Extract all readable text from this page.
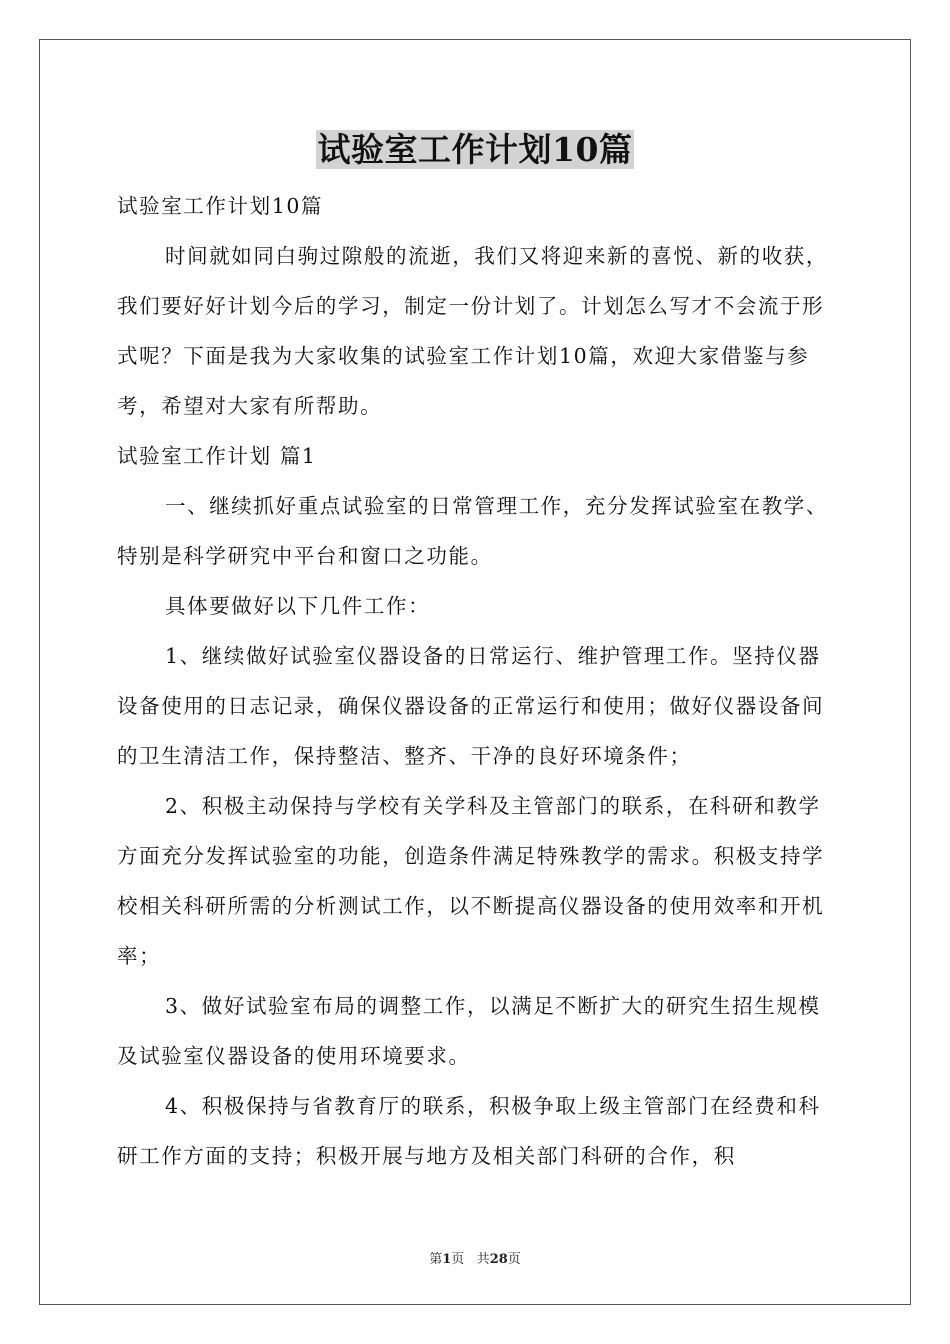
试验室工作计划10篇

试验室工作计划10篇

时间就如同白驹过隙般的流逝，我们又将迎来新的喜悦、新的收获，我们要好好计划今后的学习，制定一份计划了。计划怎么写才不会流于形式呢？下面是我为大家收集的试验室工作计划10篇，欢迎大家借鉴与参考，希望对大家有所帮助。

试验室工作计划 篇1

一、继续抓好重点试验室的日常管理工作，充分发挥试验室在教学、特别是科学研究中平台和窗口之功能。

具体要做好以下几件工作：

1、继续做好试验室仪器设备的日常运行、维护管理工作。坚持仪器设备使用的日志记录，确保仪器设备的正常运行和使用；做好仪器设备间的卫生清洁工作，保持整洁、整齐、干净的良好环境条件；

2、积极主动保持与学校有关学科及主管部门的联系，在科研和教学方面充分发挥试验室的功能，创造条件满足特殊教学的需求。积极支持学校相关科研所需的分析测试工作，以不断提高仪器设备的使用效率和开机率；

3、做好试验室布局的调整工作，以满足不断扩大的研究生招生规模及试验室仪器设备的使用环境要求。

4、积极保持与省教育厅的联系，积极争取上级主管部门在经费和科研工作方面的支持；积极开展与地方及相关部门科研的合作，积

第1页 共28页
